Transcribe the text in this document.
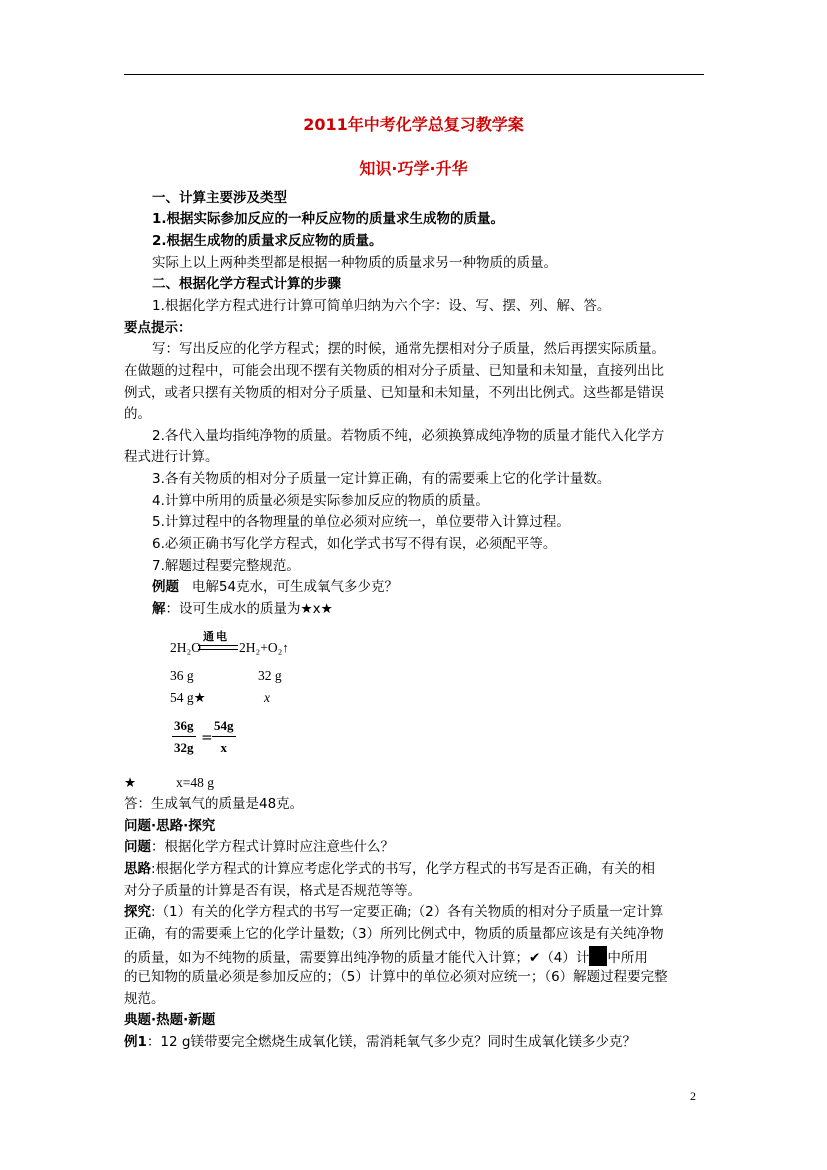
2011年中考化学总复习教学案
知识·巧学·升华
一、计算主要涉及类型
1.根据实际参加反应的一种反应物的质量求生成物的质量。
2.根据生成物的质量求反应物的质量。
实际上以上两种类型都是根据一种物质的质量求另一种物质的质量。
二、根据化学方程式计算的步骤
1.根据化学方程式进行计算可简单归纳为六个字：设、写、摆、列、解、答。
要点提示：
写：写出反应的化学方程式；摆的时候，通常先摆相对分子质量，然后再摆实际质量。
在做题的过程中，可能会出现不摆有关物质的相对分子质量、已知量和未知量，直接列出比
例式，或者只摆有关物质的相对分子质量、已知量和未知量，不列出比例式。这些都是错误
的。
2.各代入量均指纯净物的质量。若物质不纯，必须换算成纯净物的质量才能代入化学方
程式进行计算。
3.各有关物质的相对分子质量一定计算正确，有的需要乘上它的化学计量数。
4.计算中所用的质量必须是实际参加反应的物质的质量。
5.计算过程中的各物理量的单位必须对应统一，单位要带入计算过程。
6.必须正确书写化学方程式，如化学式书写不得有误，必须配平等。
7.解题过程要完整规范。
例题 电解54克水，可生成氧气多少克？
解：设可生成水的质量为★x★
通电
2H₂O	2H₂+O₂↑
36 g	32 g
54 g★	x
$\frac{36g}{32g} = \frac{54g}{x}$
★	x=48 g
答：生成氧气的质量是48克。
问题·思路·探究
问题：根据化学方程式计算时应注意些什么？
思路:根据化学方程式的计算应考虑化学式的书写，化学方程式的书写是否正确，有关的相
对分子质量的计算是否有误，格式是否规范等等。
探究:（1）有关的化学方程式的书写一定要正确;（2）各有关物质的相对分子质量一定计算
正确，有的需要乘上它的化学计量数;（3）所列比例式中，物质的质量都应该是有关纯净物
的质量，如为不纯物的质量，需要算出纯净物的质量才能代入计算；✔（4）计 中所用
的已知物的质量必须是参加反应的；（5）计算中的单位必须对应统一；（6）解题过程要完整
规范。
典题·热题·新题
例1：12 g镁带要完全燃烧生成氧化镁，需消耗氧气多少克？同时生成氧化镁多少克？
2
